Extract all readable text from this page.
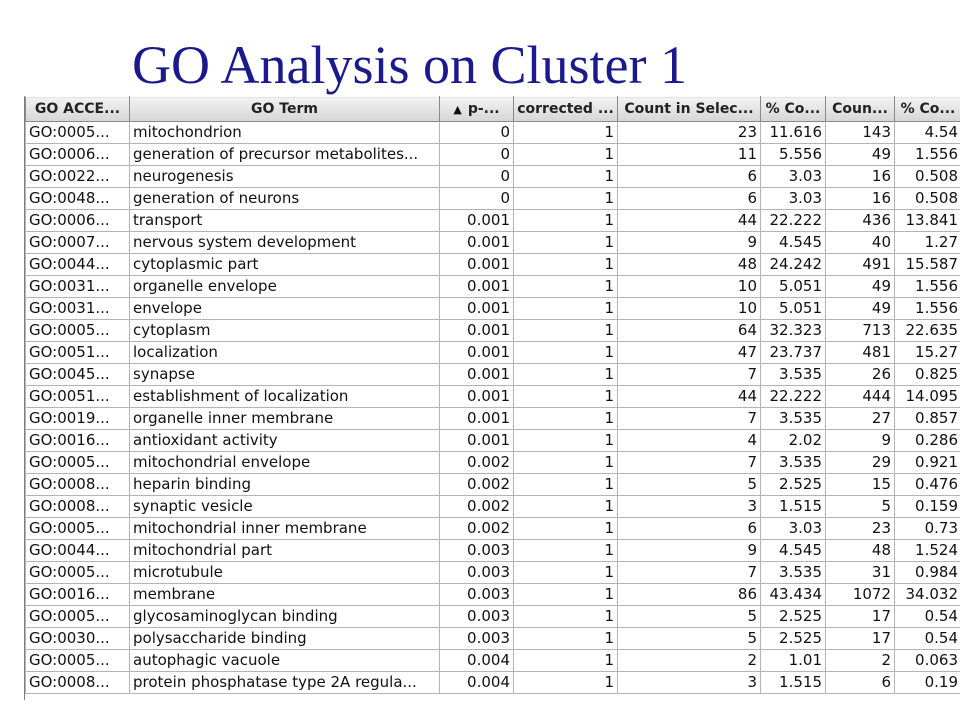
GO Analysis on Cluster 1
GO ACCE...	GO Term	▲ p-...	corrected ...	Count in Selec...	% Co...	Coun...	% Co...
GO:0005...	mitochondrion	0	1	23	11.616	143	4.54
GO:0006...	generation of precursor metabolites...	0	1	11	5.556	49	1.556
GO:0022...	neurogenesis	0	1	6	3.03	16	0.508
GO:0048...	generation of neurons	0	1	6	3.03	16	0.508
GO:0006...	transport	0.001	1	44	22.222	436	13.841
GO:0007...	nervous system development	0.001	1	9	4.545	40	1.27
GO:0044...	cytoplasmic part	0.001	1	48	24.242	491	15.587
GO:0031...	organelle envelope	0.001	1	10	5.051	49	1.556
GO:0031...	envelope	0.001	1	10	5.051	49	1.556
GO:0005...	cytoplasm	0.001	1	64	32.323	713	22.635
GO:0051...	localization	0.001	1	47	23.737	481	15.27
GO:0045...	synapse	0.001	1	7	3.535	26	0.825
GO:0051...	establishment of localization	0.001	1	44	22.222	444	14.095
GO:0019...	organelle inner membrane	0.001	1	7	3.535	27	0.857
GO:0016...	antioxidant activity	0.001	1	4	2.02	9	0.286
GO:0005...	mitochondrial envelope	0.002	1	7	3.535	29	0.921
GO:0008...	heparin binding	0.002	1	5	2.525	15	0.476
GO:0008...	synaptic vesicle	0.002	1	3	1.515	5	0.159
GO:0005...	mitochondrial inner membrane	0.002	1	6	3.03	23	0.73
GO:0044...	mitochondrial part	0.003	1	9	4.545	48	1.524
GO:0005...	microtubule	0.003	1	7	3.535	31	0.984
GO:0016...	membrane	0.003	1	86	43.434	1072	34.032
GO:0005...	glycosaminoglycan binding	0.003	1	5	2.525	17	0.54
GO:0030...	polysaccharide binding	0.003	1	5	2.525	17	0.54
GO:0005...	autophagic vacuole	0.004	1	2	1.01	2	0.063
GO:0008...	protein phosphatase type 2A regula...	0.004	1	3	1.515	6	0.19
